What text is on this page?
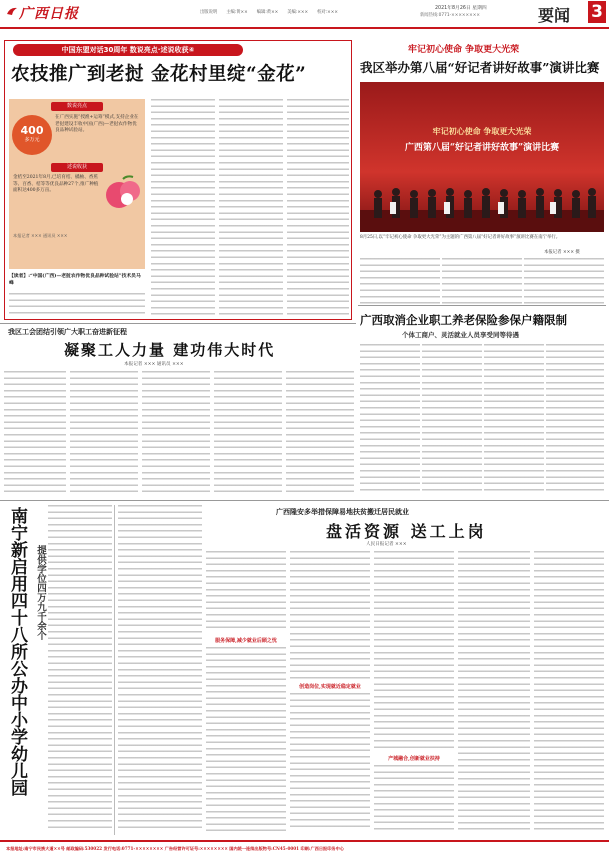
广西日报	出版说明 主编:黄×× 编辑:黄×× 美编:××× 校对:×××
2021年8月26日 星期四
新闻热线:0771-××××××××	要闻 3
中国东盟对话30周年 数说亮点·述说收获④
农技推广到老挝 金花村里绽“金花”
数说亮点
400
多万元
在广西实施“授渔+运筹”模式,支持企业在老挝建设丰收中国(广西)—老挝农作物优良品种试验站。
述说收获
金桔至2021年8月,已培育桔、橘柚、香蕉等、百香、桔等等优良品种27个,推广种植面积达400多万亩。
本报记者 ××× 通讯员 ×××
【读者】:“中国(广西)—老挝农作物优良品种试验站”技术员马峰
牢记初心使命 争取更大光荣
我区举办第八届“好记者讲好故事”演讲比赛
牢记初心使命 争取更大光荣
广西第八届“好记者讲好故事”演讲比赛
8月25日,以“牢记初心使命 争取更大光荣”为主题的广西第八届“好记者讲好故事”演讲比赛在南宁举行。
本报记者 ××× 摄
我区工会团结引领广大职工奋进新征程
凝聚工人力量 建功伟大时代
本报记者 ××× 通讯员 ×××
广西取消企业职工养老保险参保户籍限制
个体工商户、灵活就业人员享受同等待遇
南宁新启用四十八所公办中小学幼儿园 提供学位四万九千余个
广西隆安多举措保障易地扶贫搬迁居民就业
盘活资源 送工上岗
人民日报记者 ×××
服务保障,减少就业后顾之忧
创造岗位,实现就近稳定就业
产城融合,创新就业扶持
本报地址:南宁市民族大道××号 邮政编码:530022 发行电话:0771-×××××××× 广告经营许可证号:×××××××× 国内统一连续出版物号:CN45-0001 印刷:广西日报印务中心
